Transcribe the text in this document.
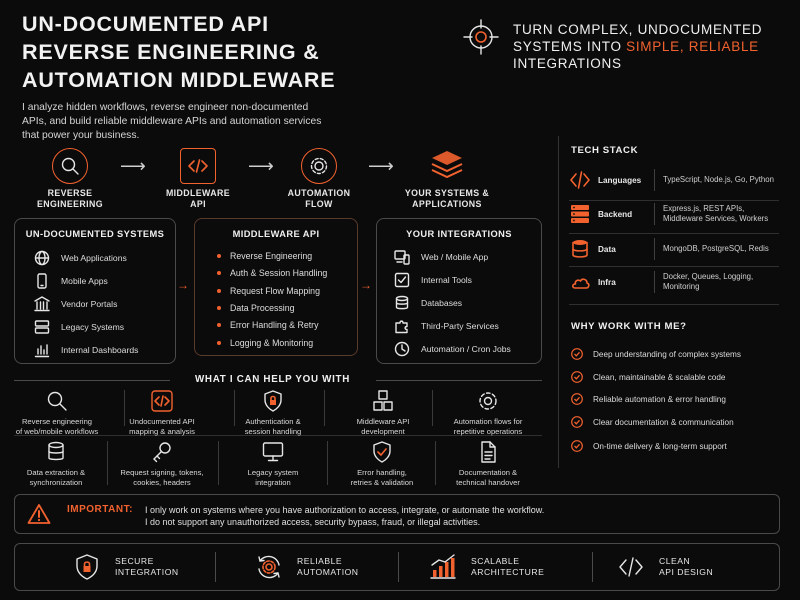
UN-DOCUMENTED API
REVERSE ENGINEERING &
AUTOMATION MIDDLEWARE
I analyze hidden workflows, reverse engineer non-documented APIs, and build reliable middleware APIs and automation services that power your business.
TURN COMPLEX, UNDOCUMENTED SYSTEMS INTO SIMPLE, RELIABLE INTEGRATIONS
REVERSE
ENGINEERING
⟶
MIDDLEWARE
API
⟶
AUTOMATION
FLOW
⟶
YOUR SYSTEMS &
APPLICATIONS
UN-DOCUMENTED SYSTEMS
Web Applications
Mobile Apps
Vendor Portals
Legacy Systems
Internal Dashboards
→
MIDDLEWARE API
Reverse Engineering
Auth & Session Handling
Request Flow Mapping
Data Processing
Error Handling & Retry
Logging & Monitoring
→
YOUR INTEGRATIONS
Web / Mobile App
Internal Tools
Databases
Third-Party Services
Automation / Cron Jobs
WHAT I CAN HELP YOU WITH
Reverse engineering
of web/mobile workflows
Undocumented API
mapping & analysis
Authentication &
session handling
Middleware API
development
Automation flows for
repetitive operations
Data extraction &
synchronization
Request signing, tokens,
cookies, headers
Legacy system
integration
Error handling,
retries & validation
Documentation &
technical handover
TECH STACK
Languages	TypeScript, Node.js, Go, Python
Backend
Express.js, REST APIs,
Middleware Services, Workers
Data	MongoDB, PostgreSQL, Redis
Infra
Docker, Queues, Logging,
Monitoring
WHY WORK WITH ME?
Deep understanding of complex systems
Clean, maintainable & scalable code
Reliable automation & error handling
Clear documentation & communication
On-time delivery & long-term support
IMPORTANT: I only work on systems where you have authorization to access, integrate, or automate the workflow.
I do not support any unauthorized access, security bypass, fraud, or illegal activities.
SECURE
INTEGRATION
RELIABLE
AUTOMATION
SCALABLE
ARCHITECTURE
CLEAN
API DESIGN
